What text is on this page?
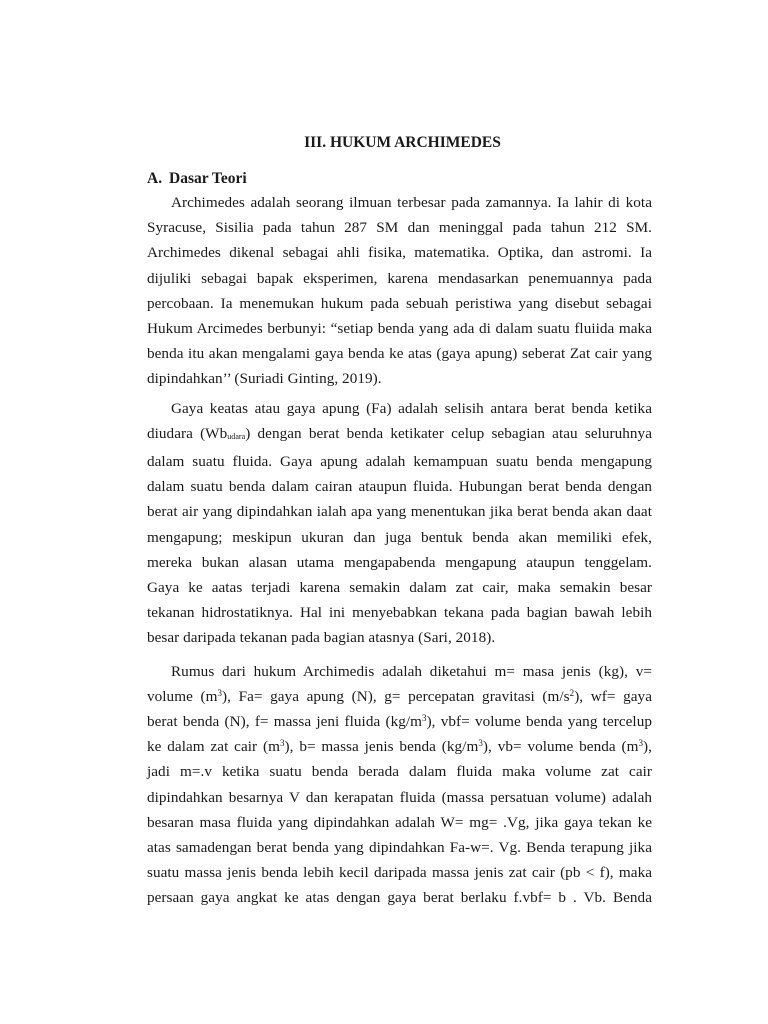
III. HUKUM ARCHIMEDES
A. Dasar Teori
Archimedes adalah seorang ilmuan terbesar pada zamannya. Ia lahir di kota
Syracuse, Sisilia pada tahun 287 SM dan meninggal pada tahun 212 SM.
Archimedes dikenal sebagai ahli fisika, matematika. Optika, dan astromi. Ia
dijuliki sebagai bapak eksperimen, karena mendasarkan penemuannya pada
percobaan. Ia menemukan hukum pada sebuah peristiwa yang disebut sebagai
Hukum Arcimedes berbunyi: “setiap benda yang ada di dalam suatu fluiida maka
benda itu akan mengalami gaya benda ke atas (gaya apung) seberat Zat cair yang
dipindahkan’’ (Suriadi Ginting, 2019).
Gaya keatas atau gaya apung (Fa) adalah selisih antara berat benda ketika
diudara $(Wb_{udara})$ dengan berat benda ketikater celup sebagian atau seluruhnya
dalam suatu fluida. Gaya apung adalah kemampuan suatu benda mengapung
dalam suatu benda dalam cairan ataupun fluida. Hubungan berat benda dengan
berat air yang dipindahkan ialah apa yang menentukan jika berat benda akan daat
mengapung; meskipun ukuran dan juga bentuk benda akan memiliki efek,
mereka bukan alasan utama mengapabenda mengapung ataupun tenggelam.
Gaya ke aatas terjadi karena semakin dalam zat cair, maka semakin besar
tekanan hidrostatiknya. Hal ini menyebabkan tekana pada bagian bawah lebih
besar daripada tekanan pada bagian atasnya (Sari, 2018).
Rumus dari hukum Archimedis adalah diketahui m= masa jenis (kg), v=
volume $(m^3)$, Fa= gaya apung (N), g= percepatan gravitasi $(m/s^2)$, wf= gaya
berat benda (N), f= massa jeni fluida $(kg/m^3)$, vbf= volume benda yang tercelup
ke dalam zat cair $(m^3)$, b= massa jenis benda $(kg/m^3)$, vb= volume benda $(m^3)$,
jadi m=.v ketika suatu benda berada dalam fluida maka volume zat cair
dipindahkan besarnya V dan kerapatan fluida (massa persatuan volume) adalah
besaran masa fluida yang dipindahkan adalah W= mg= .Vg, jika gaya tekan ke
atas samadengan berat benda yang dipindahkan Fa-w=. Vg. Benda terapung jika
suatu massa jenis benda lebih kecil daripada massa jenis zat cair (pb < f), maka
persaan gaya angkat ke atas dengan gaya berat berlaku f.vbf= b . Vb. Benda
